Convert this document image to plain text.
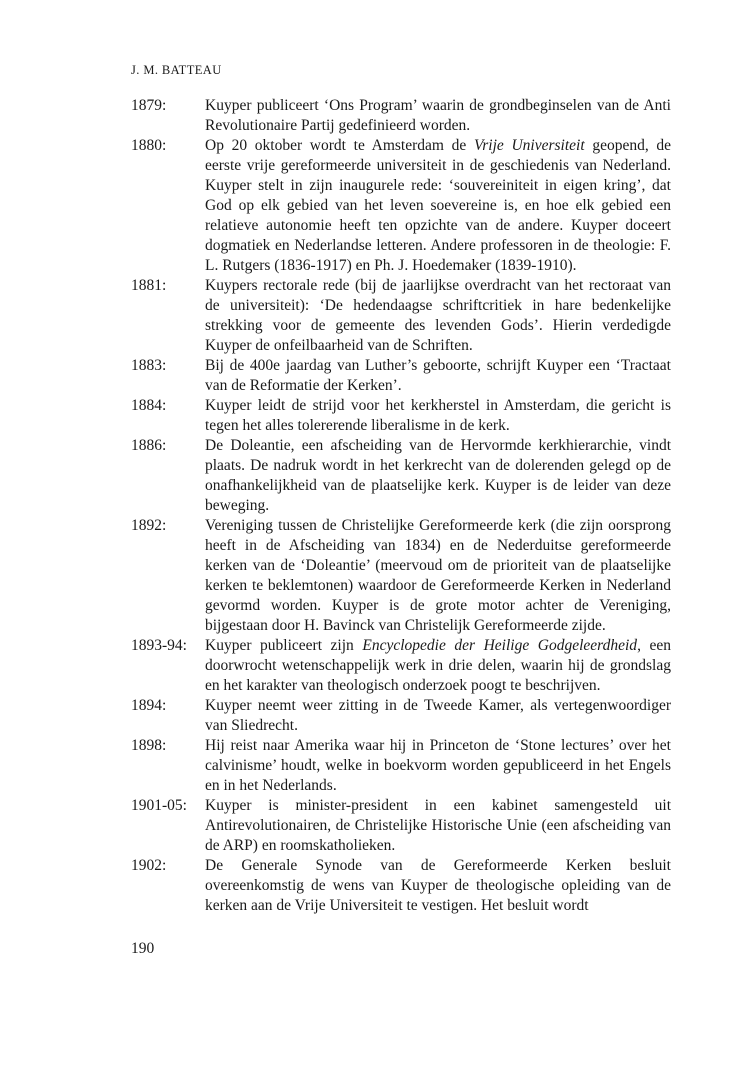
J. M. BATTEAU
1879:	Kuyper publiceert ‘Ons Program’ waarin de grondbeginselen van de Anti Revolutionaire Partij gedefinieerd worden.
1880:	Op 20 oktober wordt te Amsterdam de Vrije Universiteit geopend, de eerste vrije gereformeerde universiteit in de geschiedenis van Nederland. Kuyper stelt in zijn inaugurele rede: ‘souvereiniteit in eigen kring’, dat God op elk gebied van het leven soevereine is, en hoe elk gebied een relatieve autonomie heeft ten opzichte van de andere. Kuyper doceert dogmatiek en Nederlandse letteren. Andere professoren in de theologie: F. L. Rutgers (1836-1917) en Ph. J. Hoedemaker (1839-1910).
1881:	Kuypers rectorale rede (bij de jaarlijkse overdracht van het rectoraat van de universiteit): ‘De hedendaagse schriftcritiek in hare bedenkelijke strekking voor de gemeente des levenden Gods’. Hierin verdedigde Kuyper de onfeilbaarheid van de Schriften.
1883:	Bij de 400e jaardag van Luther’s geboorte, schrijft Kuyper een ‘Tractaat van de Reformatie der Kerken’.
1884:	Kuyper leidt de strijd voor het kerkherstel in Amsterdam, die gericht is tegen het alles tolererende liberalisme in de kerk.
1886:	De Doleantie, een afscheiding van de Hervormde kerkhierarchie, vindt plaats. De nadruk wordt in het kerkrecht van de dolerenden gelegd op de onafhankelijkheid van de plaatselijke kerk. Kuyper is de leider van deze beweging.
1892:	Vereniging tussen de Christelijke Gereformeerde kerk (die zijn oorsprong heeft in de Afscheiding van 1834) en de Nederduitse gereformeerde kerken van de ‘Doleantie’ (meervoud om de prioriteit van de plaatselijke kerken te beklemtonen) waardoor de Gereformeerde Kerken in Nederland gevormd worden. Kuyper is de grote motor achter de Vereniging, bijgestaan door H. Bavinck van Christelijk Gereformeerde zijde.
1893-94:	Kuyper publiceert zijn Encyclopedie der Heilige Godgeleerdheid, een doorwrocht wetenschappelijk werk in drie delen, waarin hij de grondslag en het karakter van theologisch onderzoek poogt te beschrijven.
1894:	Kuyper neemt weer zitting in de Tweede Kamer, als vertegenwoordiger van Sliedrecht.
1898:	Hij reist naar Amerika waar hij in Princeton de ‘Stone lectures’ over het calvinisme’ houdt, welke in boekvorm worden gepubliceerd in het Engels en in het Nederlands.
1901-05:	Kuyper is minister-president in een kabinet samengesteld uit Antirevolutionairen, de Christelijke Historische Unie (een afscheiding van de ARP) en roomskatholieken.
1902:	De Generale Synode van de Gereformeerde Kerken besluit overeenkomstig de wens van Kuyper de theologische opleiding van de kerken aan de Vrije Universiteit te vestigen. Het besluit wordt
190
